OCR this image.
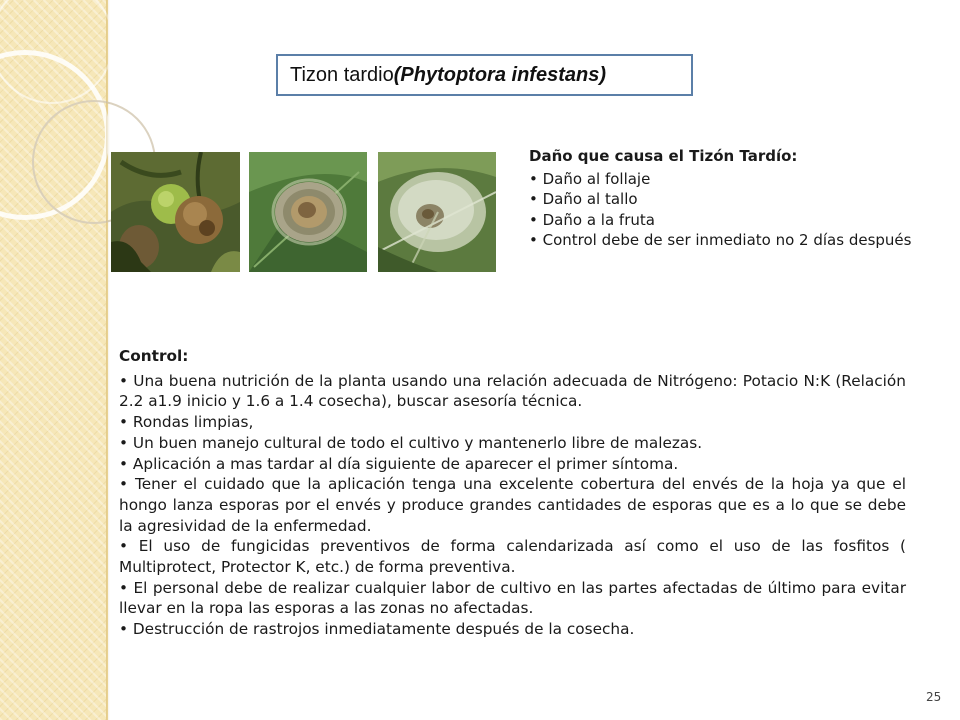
Tizon tardio (Phytoptora infestans)
Daño que causa el Tizón Tardío:
• Daño al follaje
• Daño al tallo
• Daño a la fruta
• Control debe de ser inmediato no 2 días después
Control:
• Una buena nutrición de la planta usando una relación adecuada de Nitrógeno: Potacio N:K (Relación 2.2 a1.9 inicio y 1.6 a 1.4 cosecha), buscar asesoría técnica.
• Rondas limpias,
• Un buen manejo cultural de todo el cultivo y mantenerlo libre de malezas.
• Aplicación a mas tardar al día siguiente de aparecer el primer síntoma.
• Tener el cuidado que la aplicación tenga una excelente cobertura del envés de la hoja ya que el hongo lanza esporas por el envés y produce grandes cantidades de esporas que es a lo que se debe la agresividad de la enfermedad.
• El uso de fungicidas preventivos de forma calendarizada así como el uso de las fosfitos ( Multiprotect, Protector K, etc.) de forma preventiva.
• El personal debe de realizar cualquier labor de cultivo en las partes afectadas de último para evitar llevar en la ropa las esporas a las zonas no afectadas.
• Destrucción de rastrojos inmediatamente después de la cosecha.
25
